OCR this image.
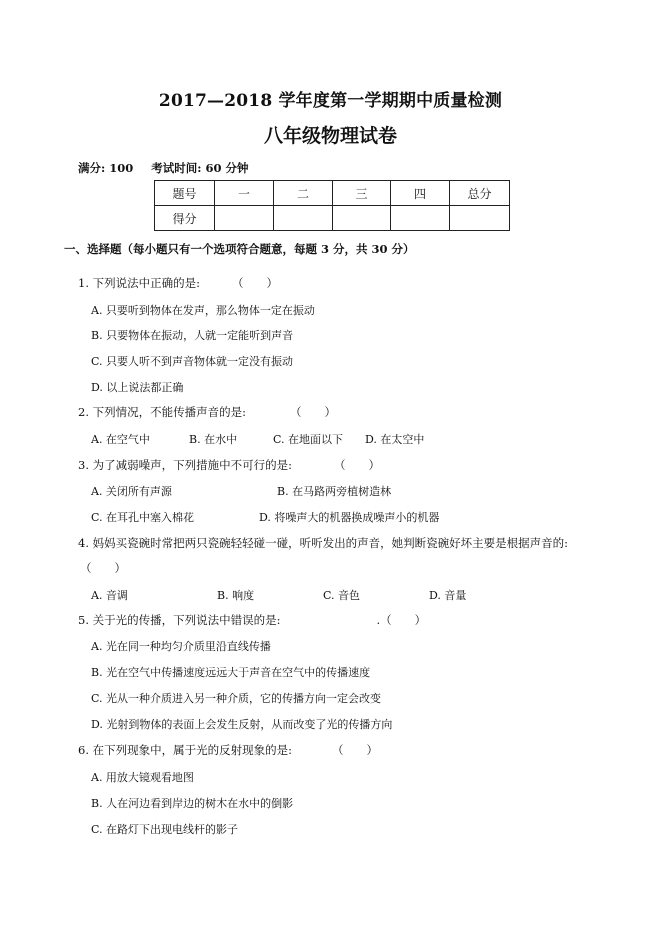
2017—2018 学年度第一学期期中质量检测
八年级物理试卷
满分: 100 考试时间: 60 分钟
题号	一	二	三	四	总分
得分					
一、选择题（每小题只有一个选项符合题意，每题 3 分，共 30 分）
1. 下列说法中正确的是:	（　　）
A. 只要听到物体在发声，那么物体一定在振动
B. 只要物体在振动，人就一定能听到声音
C. 只要人听不到声音物体就一定没有振动
D. 以上说法都正确
2. 下列情况，不能传播声音的是:	（　　）
A. 在空气中	B. 在水中	C. 在地面以下 D. 在太空中
3. 为了减弱噪声，下列措施中不可行的是:	（　　）
A. 关闭所有声源	B. 在马路两旁植树造林
C. 在耳孔中塞入棉花	D. 将噪声大的机器换成噪声小的机器
4. 妈妈买瓷碗时常把两只瓷碗轻轻碰一碰，听听发出的声音，她判断瓷碗好坏主要是根据声音的:
（　　）
A. 音调	B. 响度	C. 音色	D. 音量
5. 关于光的传播，下列说法中错误的是:	.（　　）
A. 光在同一种均匀介质里沿直线传播
B. 光在空气中传播速度远远大于声音在空气中的传播速度
C. 光从一种介质进入另一种介质，它的传播方向一定会改变
D. 光射到物体的表面上会发生反射，从而改变了光的传播方向
6. 在下列现象中，属于光的反射现象的是:	（　　）
A. 用放大镜观看地图
B. 人在河边看到岸边的树木在水中的倒影
C. 在路灯下出现电线杆的影子
